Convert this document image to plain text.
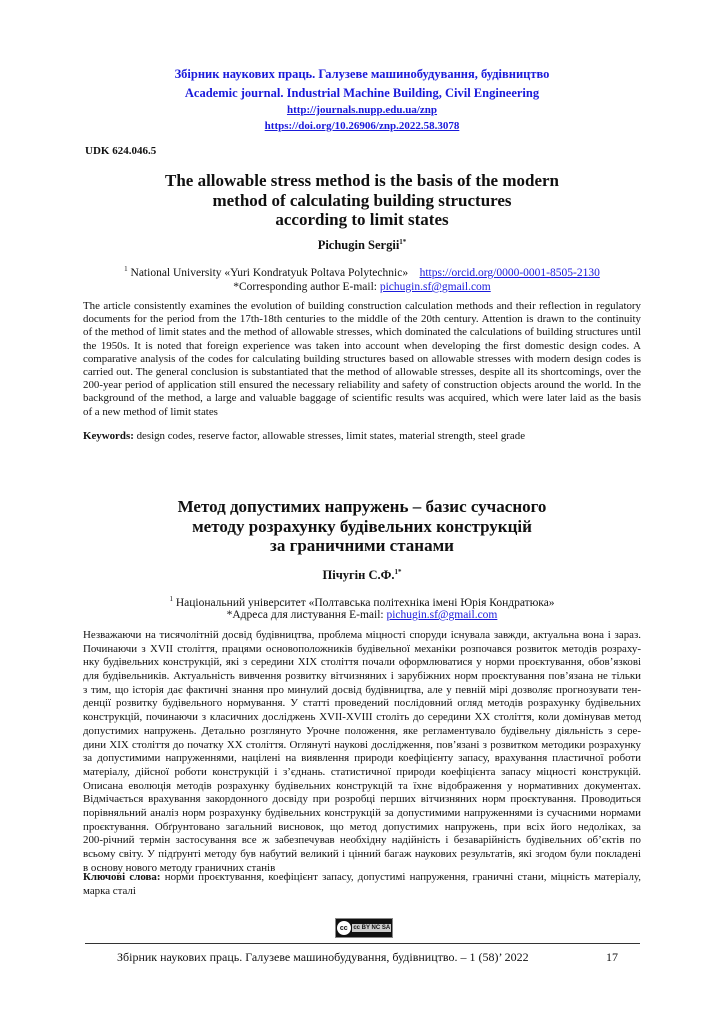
Збірник наукових праць. Галузеве машинобудування, будівництво
Academic journal. Industrial Machine Building, Civil Engineering
http://journals.nupp.edu.ua/znp
https://doi.org/10.26906/znp.2022.58.3078
UDK 624.046.5
The allowable stress method is the basis of the modern
method of calculating building structures
according to limit states
Pichugin Sergii$^{1*}$
$^1$ National University «Yuri Kondratyuk Poltava Polytechnic» https://orcid.org/0000-0001-8505-2130
*Corresponding author E-mail: pichugin.sf@gmail.com
The article consistently examines the evolution of building construction calculation methods and their reflection in regulatory
documents for the period from the 17th-18th centuries to the middle of the 20th century. Attention is drawn to the continuity
of the method of limit states and the method of allowable stresses, which dominated the calculations of building structures until
the 1950s. It is noted that foreign experience was taken into account when developing the first domestic design codes. A
comparative analysis of the codes for calculating building structures based on allowable stresses with modern design codes is
carried out. The general conclusion is substantiated that the method of allowable stresses, despite all its shortcomings, over the
200-year period of application still ensured the necessary reliability and safety of construction objects around the world. In the
background of the method, a large and valuable baggage of scientific results was acquired, which were later laid as the basis
of a new method of limit states
Keywords: design codes, reserve factor, allowable stresses, limit states, material strength, steel grade
Метод допустимих напружень – базис сучасного
методу розрахунку будівельних конструкцій
за граничними станами
Пічугін С.Ф.$^{1*}$
$^1$ Національний університет «Полтавська політехніка імені Юрія Кондратюка»
*Адреса для листування E-mail: pichugin.sf@gmail.com
Незважаючи на тисячолітній досвід будівництва, проблема міцності споруди існувала завжди, актуальна вона і зараз.
Починаючи з XVII століття, працями основоположників будівельної механіки розпочався розвиток методів розраху-
нку будівельних конструкцій, які з середини XIX століття почали оформлюватися у норми проєктування, обов’язкові
для будівельників. Актуальність вивчення розвитку вітчизняних і зарубіжних норм проєктування пов’язана не тільки
з тим, що історія дає фактичні знання про минулий досвід будівництва, але у певній мірі дозволяє прогнозувати тен-
денції розвитку будівельного нормування. У статті проведений послідовний огляд методів розрахунку будівельних
конструкцій, починаючи з класичних досліджень XVII-XVIII століть до середини XX століття, коли домінував метод
допустимих напружень. Детально розглянуто Урочне положення, яке регламентувало будівельну діяльність з сере-
дини XIX століття до початку XX століття. Оглянуті наукові дослідження, пов’язані з розвитком методики розрахунку
за допустимими напруженнями, націлені на виявлення природи коефіцієнту запасу, врахування пластичної роботи
матеріалу, дійсної роботи конструкцій і з’єднань. статистичної природи коефіцієнта запасу міцності конструкцій.
Описана еволюція методів розрахунку будівельних конструкцій та їхнє відображення у нормативних документах.
Відмічається врахування закордонного досвіду при розробці перших вітчизняних норм проєктування. Проводиться
порівняльний аналіз норм розрахунку будівельних конструкцій за допустимими напруженнями із сучасними нормами
проєктування. Обґрунтовано загальний висновок, що метод допустимих напружень, при всіх його недоліках, за
200-річний термін застосування все ж забезпечував необхідну надійність і безаварійність будівельних об’єктів по
всьому світу. У підґрунті методу був набутий великий і цінний багаж наукових результатів, які згодом були покладені
в основу нового методу граничних станів
Ключові слова: норми проєктування, коефіцієнт запасу, допустимі напруження, граничні стани, міцність матеріалу,
марка сталі
cc cc BY NC SA
Збірник наукових праць. Галузеве машинобудування, будівництво. – 1 (58)’ 2022	17
